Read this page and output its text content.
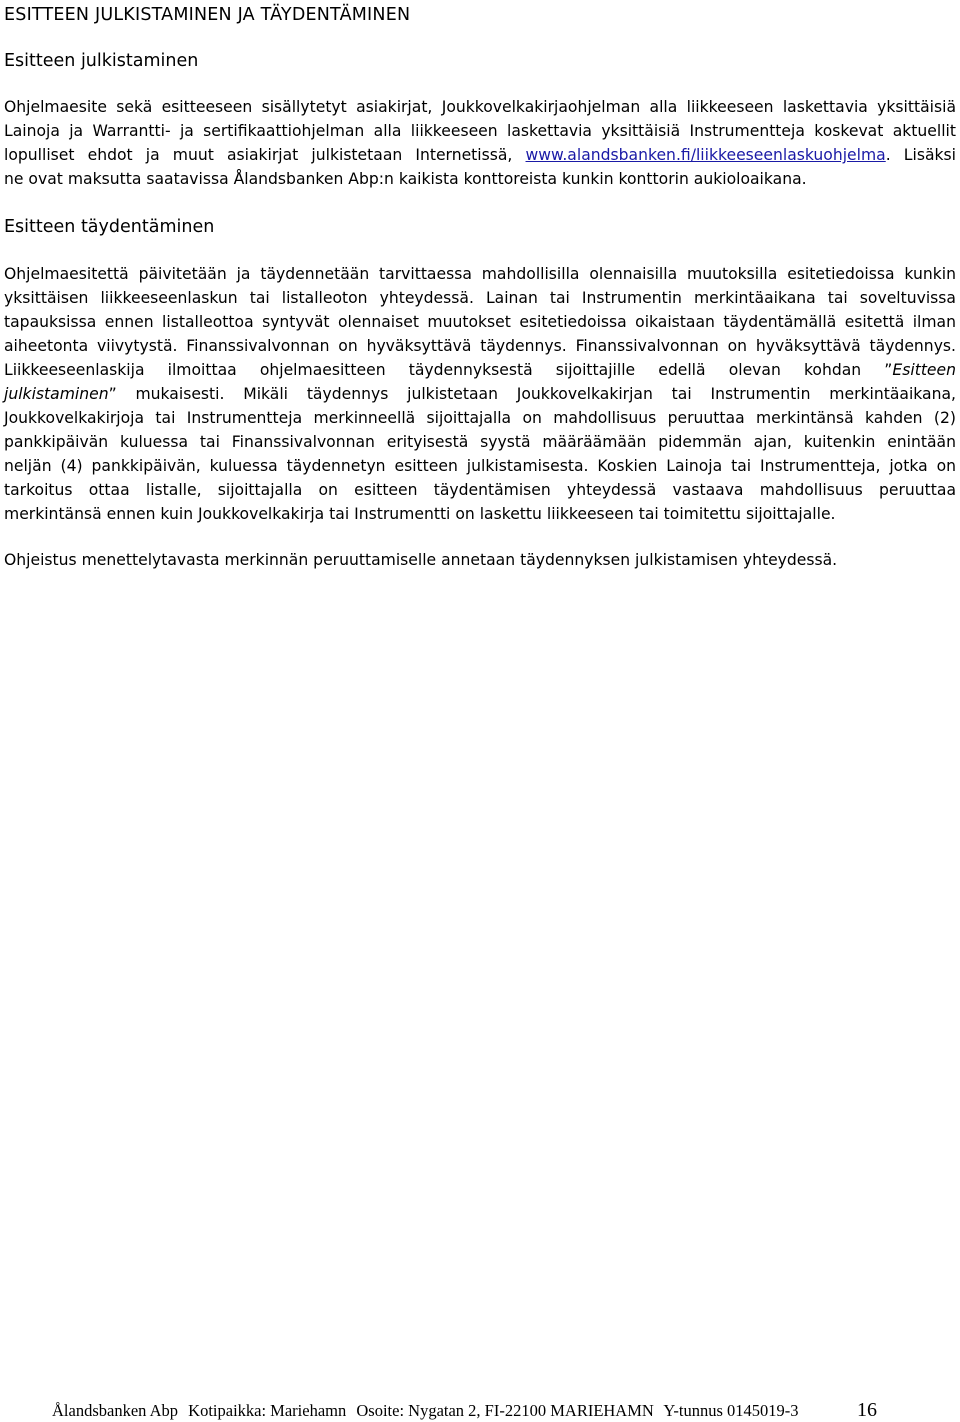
ESITTEEN JULKISTAMINEN JA TÄYDENTÄMINEN
Esitteen julkistaminen

Ohjelmaesite sekä esitteeseen sisällytetyt asiakirjat, Joukkovelkakirjaohjelman alla liikkeeseen laskettavia yksittäisiä
Lainoja ja Warrantti- ja sertifikaattiohjelman alla liikkeeseen laskettavia yksittäisiä Instrumentteja koskevat aktuellit
lopulliset ehdot ja muut asiakirjat julkistetaan Internetissä, www.alandsbanken.fi/liikkeeseenlaskuohjelma. Lisäksi
ne ovat maksutta saatavissa Ålandsbanken Abp:n kaikista konttoreista kunkin konttorin aukioloaikana.

Esitteen täydentäminen

Ohjelmaesitettä päivitetään ja täydennetään tarvittaessa mahdollisilla olennaisilla muutoksilla esitetiedoissa kunkin
yksittäisen liikkeeseenlaskun tai listalleoton yhteydessä. Lainan tai Instrumentin merkintäaikana tai soveltuvissa
tapauksissa ennen listalleottoa syntyvät olennaiset muutokset esitetiedoissa oikaistaan täydentämällä esitettä ilman
aiheetonta viivytystä. Finanssivalvonnan on hyväksyttävä täydennys. Finanssivalvonnan on hyväksyttävä täydennys.
Liikkeeseenlaskija ilmoittaa ohjelmaesitteen täydennyksestä sijoittajille edellä olevan kohdan ”Esitteen
julkistaminen” mukaisesti. Mikäli täydennys julkistetaan Joukkovelkakirjan tai Instrumentin merkintäaikana,
Joukkovelkakirjoja tai Instrumentteja merkinneellä sijoittajalla on mahdollisuus peruuttaa merkintänsä kahden (2)
pankkipäivän kuluessa tai Finanssivalvonnan erityisestä syystä määräämään pidemmän ajan, kuitenkin enintään
neljän (4) pankkipäivän, kuluessa täydennetyn esitteen julkistamisesta. Koskien Lainoja tai Instrumentteja, jotka on
tarkoitus ottaa listalle, sijoittajalla on esitteen täydentämisen yhteydessä vastaava mahdollisuus peruuttaa
merkintänsä ennen kuin Joukkovelkakirja tai Instrumentti on laskettu liikkeeseen tai toimitettu sijoittajalle.

Ohjeistus menettelytavasta merkinnän peruuttamiselle annetaan täydennyksen julkistamisen yhteydessä.

Ålandsbanken Abp Kotipaikka: Mariehamn Osoite: Nygatan 2, FI-22100 MARIEHAMN Y-tunnus 0145019-3	16
